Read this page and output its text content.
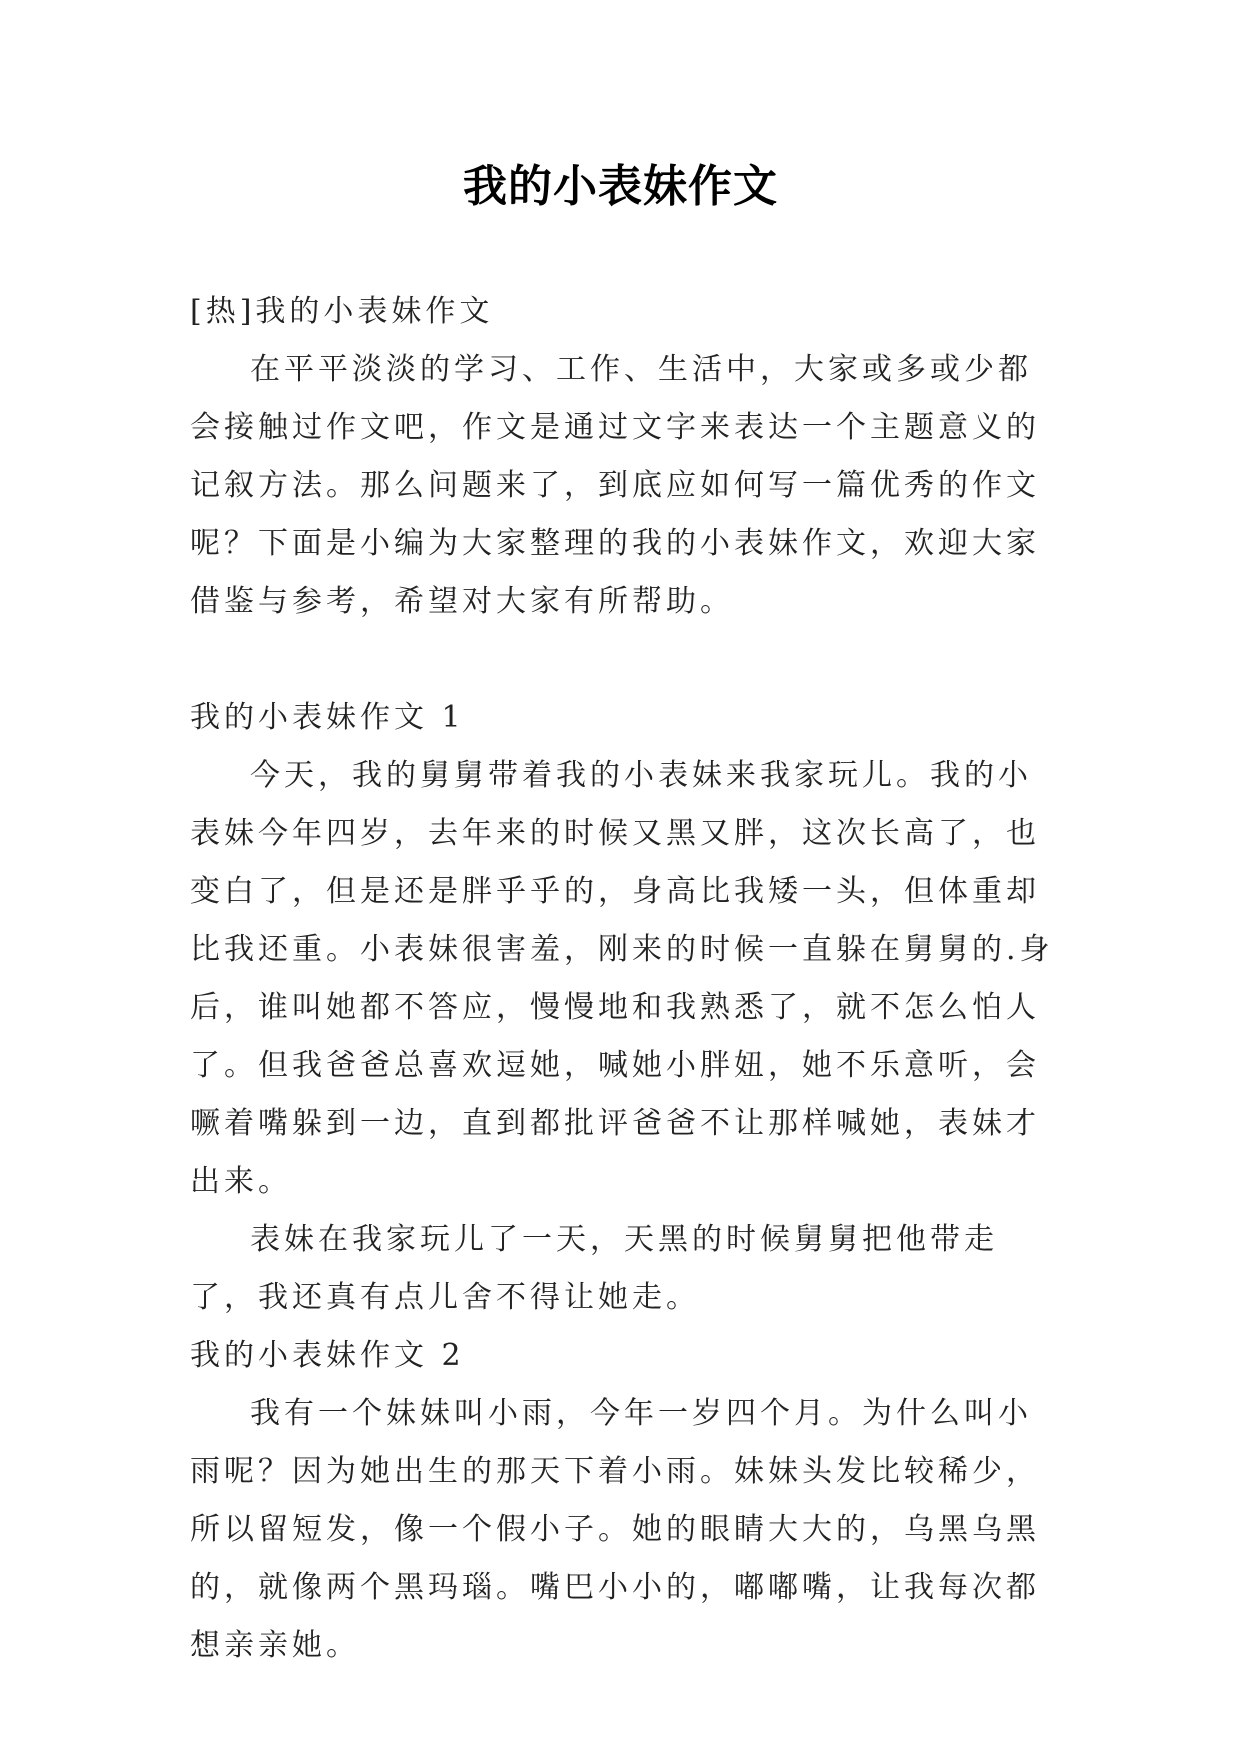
我的小表妹作文

[热]我的小表妹作文

在平平淡淡的学习、工作、生活中，大家或多或少都会接触过作文吧，作文是通过文字来表达一个主题意义的记叙方法。那么问题来了，到底应如何写一篇优秀的作文呢？下面是小编为大家整理的我的小表妹作文，欢迎大家借鉴与参考，希望对大家有所帮助。

我的小表妹作文 1

今天，我的舅舅带着我的小表妹来我家玩儿。我的小表妹今年四岁，去年来的时候又黑又胖，这次长高了，也变白了，但是还是胖乎乎的，身高比我矮一头，但体重却比我还重。小表妹很害羞，刚来的时候一直躲在舅舅的.身后，谁叫她都不答应，慢慢地和我熟悉了，就不怎么怕人了。但我爸爸总喜欢逗她，喊她小胖妞，她不乐意听，会噘着嘴躲到一边，直到都批评爸爸不让那样喊她，表妹才出来。

表妹在我家玩儿了一天，天黑的时候舅舅把他带走了，我还真有点儿舍不得让她走。

我的小表妹作文 2

我有一个妹妹叫小雨，今年一岁四个月。为什么叫小雨呢？因为她出生的那天下着小雨。妹妹头发比较稀少，所以留短发，像一个假小子。她的眼睛大大的，乌黑乌黑的，就像两个黑玛瑙。嘴巴小小的，嘟嘟嘴，让我每次都想亲亲她。
